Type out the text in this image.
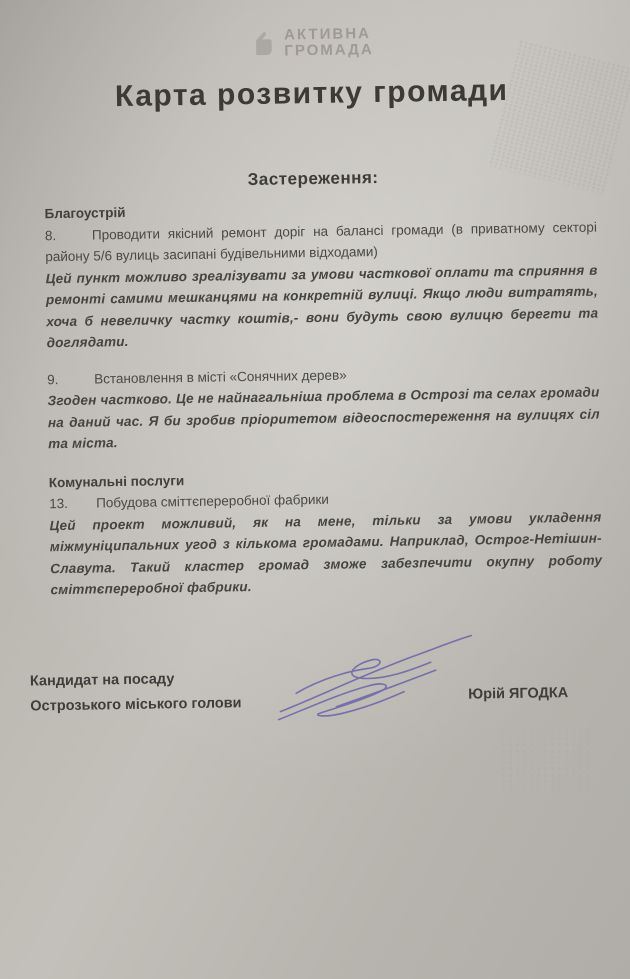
АКТИВНА
ГРОМАДА
Карта розвитку громади
Застереження:

Благоустрій

8.	Проводити якісний ремонт доріг на балансі громади (в приватному секторі району 5/6 вулиць засипані будівельними відходами)

Цей пункт можливо зреалізувати за умови часткової оплати та сприяння в ремонті самими мешканцями на конкретній вулиці. Якщо люди витратять, хоча б невеличку частку коштів,- вони будуть свою вулицю берегти та доглядати.

9.	Встановлення в місті «Сонячних дерев»

Згоден частково. Це не найнагальніша проблема в Острозі та селах громади на даний час. Я би зробив пріоритетом відеоспостереження на вулицях сіл та міста.

Комунальні послуги

13. Побудова сміттєпереробної фабрики

Цей проект можливий, як на мене, тільки за умови укладення міжмуніципальних угод з кількома громадами. Наприклад, Острог-Нетішин-Славута. Такий кластер громад зможе забезпечити окупну роботу сміттєпереробної фабрики.

Кандидат на посаду
Острозького міського голови
Юрій ЯГОДКА
